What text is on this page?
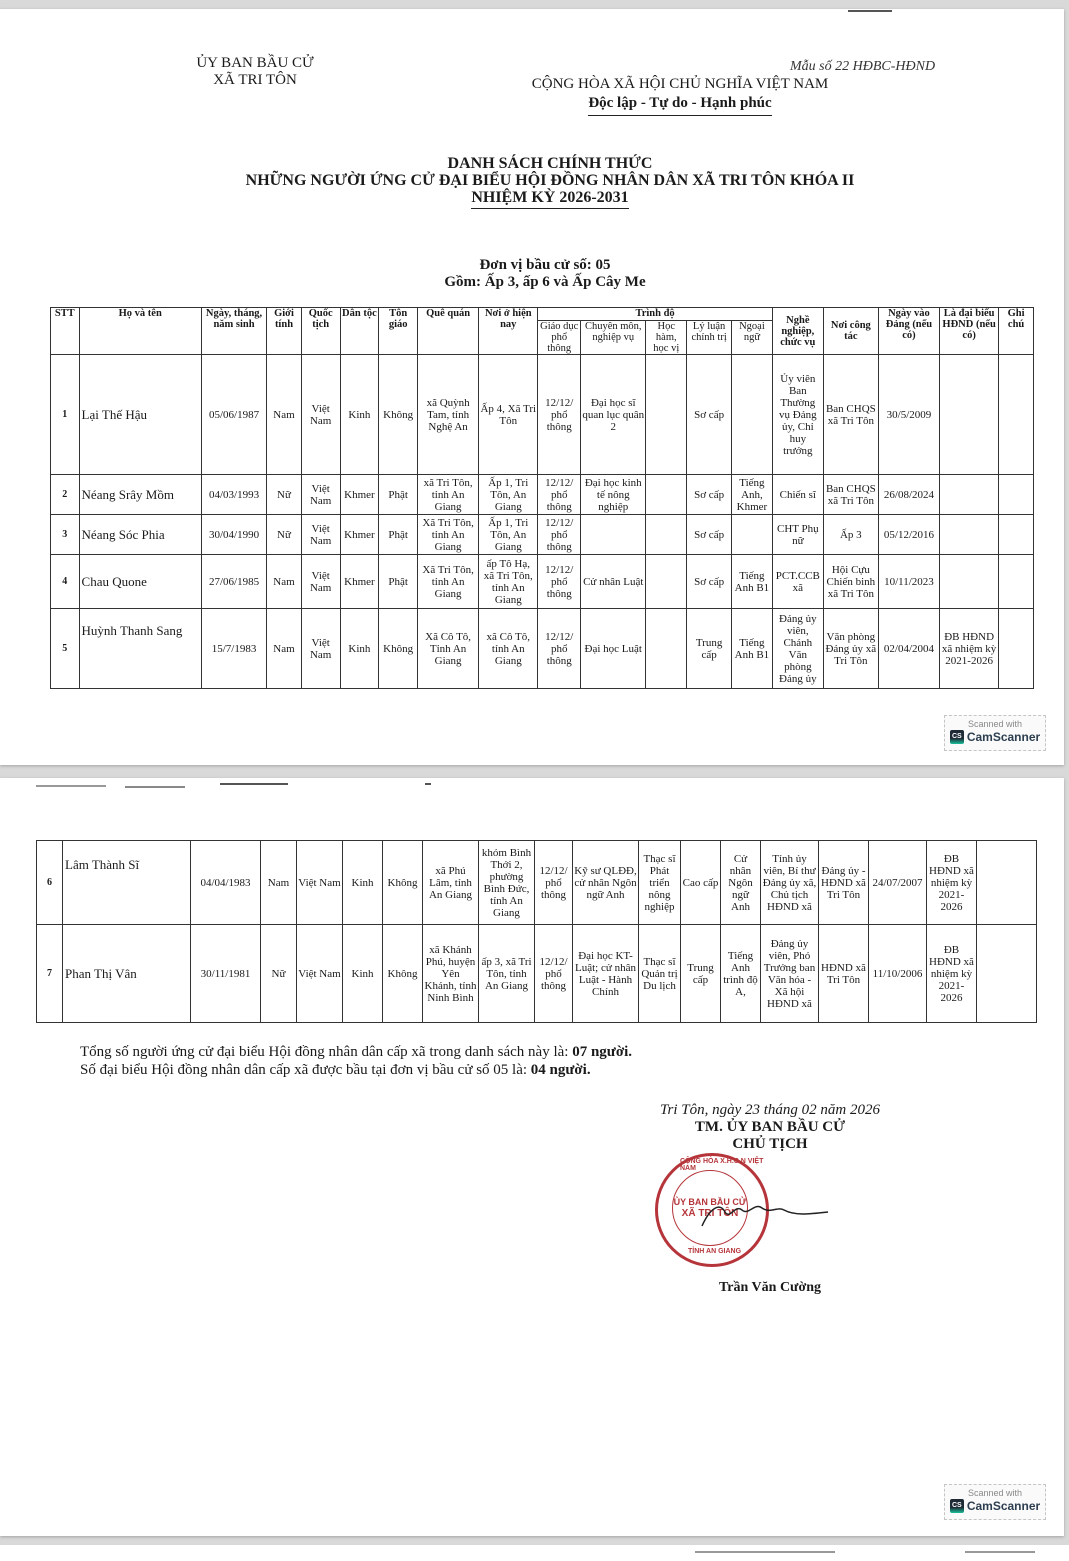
Mẫu số 22 HĐBC-HĐND
ỦY BAN BẦU CỬ
XÃ TRI TÔN	CỘNG HÒA XÃ HỘI CHỦ NGHĨA VIỆT NAM
Độc lập - Tự do - Hạnh phúc
DANH SÁCH CHÍNH THỨC
NHỮNG NGƯỜI ỨNG CỬ ĐẠI BIỂU HỘI ĐỒNG NHÂN DÂN XÃ TRI TÔN KHÓA II
NHIỆM KỲ 2026-2031
Đơn vị bầu cử số: 05
Gồm: Ấp 3, ấp 6 và Ấp Cây Me
STT	Họ và tên	Ngày, tháng, năm sinh	Giới tính	Quốc tịch	Dân tộc	Tôn giáo	Quê quán	Nơi ở hiện nay	Trình độ					Nghề nghiệp, chức vụ	Nơi công tác	Ngày vào Đảng (nếu có)	Là đại biểu HĐND (nếu có)	Ghi chú
									Giáo dục phổ thông	Chuyên môn, nghiệp vụ	Học hàm, học vị	Lý luận chính trị	Ngoại ngữ					
1	Lại Thế Hậu	05/06/1987	Nam	Việt Nam	Kinh	Không	xã Quỳnh Tam, tỉnh Nghệ An	Ấp 4, Xã Tri Tôn	12/12/ phổ thông	Đại học sĩ quan lục quân 2		Sơ cấp		Ủy viên Ban Thường vụ Đảng ủy, Chỉ huy trưởng	Ban CHQS xã Tri Tôn	30/5/2009		
2	Néang Srây Mồm	04/03/1993	Nữ	Việt Nam	Khmer	Phật	xã Tri Tôn, tỉnh An Giang	Ấp 1, Tri Tôn, An Giang	12/12/ phổ thông	Đại học kinh tế nông nghiệp		Sơ cấp	Tiếng Anh, Khmer	Chiến sĩ	Ban CHQS xã Tri Tôn	26/08/2024		
3	Néang Sóc Phia	30/04/1990	Nữ	Việt Nam	Khmer	Phật	Xã Tri Tôn, tỉnh An Giang	Ấp 1, Tri Tôn, An Giang	12/12/ phổ thông			Sơ cấp		CHT Phụ nữ	Ấp 3	05/12/2016		
4	Chau Quone	27/06/1985	Nam	Việt Nam	Khmer	Phật	Xã Tri Tôn, tỉnh An Giang	ấp Tô Hạ, xã Tri Tôn, tỉnh An Giang	12/12/ phổ thông	Cử nhân Luật		Sơ cấp	Tiếng Anh B1	PCT.CCB xã	Hội Cựu Chiến binh xã Tri Tôn	10/11/2023		
5	Huỳnh Thanh Sang	15/7/1983	Nam	Việt Nam	Kinh	Không	Xã Cô Tô, Tỉnh An Giang	xã Cô Tô, tỉnh An Giang	12/12/ phổ thông	Đại học Luật		Trung cấp	Tiếng Anh B1	Đảng ủy viên, Chánh Văn phòng Đảng ủy	Văn phòng Đảng ủy xã Tri Tôn	02/04/2004	ĐB HĐND xã nhiệm kỳ 2021-2026	
Scanned with
CS CamScanner
6	Lâm Thành Sĩ	04/04/1983	Nam	Việt Nam	Kinh	Không	xã Phú Lâm, tỉnh An Giang	khóm Bình Thới 2, phường Bình Đức, tỉnh An Giang	12/12/ phổ thông	Kỹ sư QLĐĐ, cử nhân Ngôn ngữ Anh	Thạc sĩ Phát triển nông nghiệp	Cao cấp	Cử nhân Ngôn ngữ Anh	Tỉnh ủy viên, Bí thư Đảng ủy xã, Chủ tịch HĐND xã	Đảng ủy - HĐND xã Tri Tôn	24/07/2007	ĐB HĐND xã nhiệm kỳ 2021-2026	
7	Phan Thị Vân	30/11/1981	Nữ	Việt Nam	Kinh	Không	xã Khánh Phú, huyện Yên Khánh, tỉnh Ninh Bình	ấp 3, xã Tri Tôn, tỉnh An Giang	12/12/ phổ thông	Đại học KT-Luật; cử nhân Luật - Hành Chính	Thạc sĩ Quản trị Du lịch	Trung cấp	Tiếng Anh trình độ A,	Đảng ủy viên, Phó Trưởng ban Văn hóa - Xã hội HĐND xã	HĐND xã Tri Tôn	11/10/2006	ĐB HĐND xã nhiệm kỳ 2021-2026	
Tổng số người ứng cử đại biểu Hội đồng nhân dân cấp xã trong danh sách này là: 07 người.
Số đại biểu Hội đồng nhân dân cấp xã được bầu tại đơn vị bầu cử số 05 là: 04 người.
Tri Tôn, ngày 23 tháng 02 năm 2026
TM. ỦY BAN BẦU CỬ
CHỦ TỊCH
CỘNG HÒA X.H.C.N VIỆT NAM
ỦY BAN BẦU CỬ
XÃ TRI TÔN
TỈNH AN GIANG
Trần Văn Cường
Scanned with
CS CamScanner
